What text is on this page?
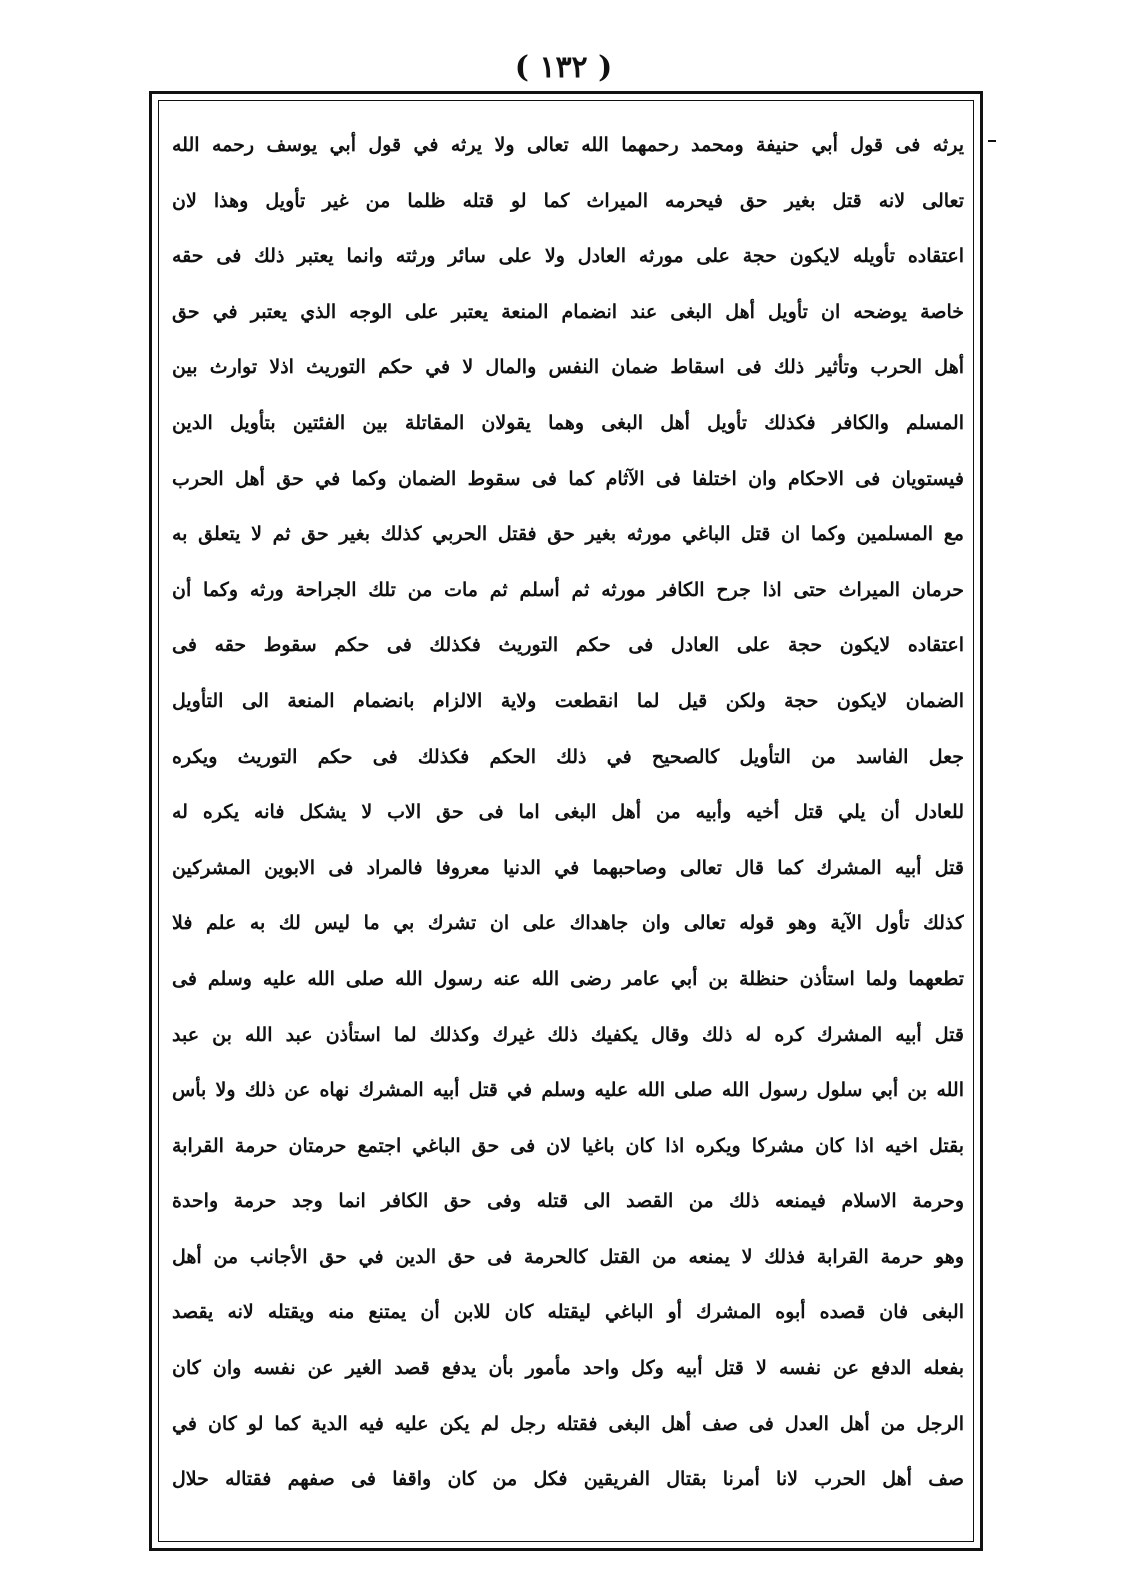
( ١٣٢ )
يرثه فى قول أبي حنيفة ومحمد رحمهما الله تعالى ولا يرثه في قول أبي يوسف رحمه الله
تعالى لانه قتل بغير حق فيحرمه الميراث كما لو قتله ظلما من غير تأويل وهذا لان
اعتقاده تأويله لايكون حجة على مورثه العادل ولا على سائر ورثته وانما يعتبر ذلك فى حقه
خاصة يوضحه ان تأويل أهل البغى عند انضمام المنعة يعتبر على الوجه الذي يعتبر في حق
أهل الحرب وتأثير ذلك فى اسقاط ضمان النفس والمال لا في حكم التوريث اذلا توارث بين
المسلم والكافر فكذلك تأويل أهل البغى وهما يقولان المقاتلة بين الفئتين بتأويل الدين
فيستويان فى الاحكام وان اختلفا فى الآثام كما فى سقوط الضمان وكما في حق أهل الحرب
مع المسلمين وكما ان قتل الباغي مورثه بغير حق فقتل الحربي كذلك بغير حق ثم لا يتعلق به
حرمان الميراث حتى اذا جرح الكافر مورثه ثم أسلم ثم مات من تلك الجراحة ورثه وكما أن
اعتقاده لايكون حجة على العادل فى حكم التوريث فكذلك فى حكم سقوط حقه فى
الضمان لايكون حجة ولكن قيل لما انقطعت ولاية الالزام بانضمام المنعة الى التأويل
جعل الفاسد من التأويل كالصحيح في ذلك الحكم فكذلك فى حكم التوريث ويكره
للعادل أن يلي قتل أخيه وأبيه من أهل البغى اما فى حق الاب لا يشكل فانه يكره له
قتل أبيه المشرك كما قال تعالى وصاحبهما في الدنيا معروفا فالمراد فى الابوين المشركين
كذلك تأول الآية وهو قوله تعالى وان جاهداك على ان تشرك بي ما ليس لك به علم فلا
تطعهما ولما استأذن حنظلة بن أبي عامر رضى الله عنه رسول الله صلى الله عليه وسلم فى
قتل أبيه المشرك كره له ذلك وقال يكفيك ذلك غيرك وكذلك لما استأذن عبد الله بن عبد
الله بن أبي سلول رسول الله صلى الله عليه وسلم في قتل أبيه المشرك نهاه عن ذلك ولا بأس
بقتل اخيه اذا كان مشركا ويكره اذا كان باغيا لان فى حق الباغي اجتمع حرمتان حرمة القرابة
وحرمة الاسلام فيمنعه ذلك من القصد الى قتله وفى حق الكافر انما وجد حرمة واحدة
وهو حرمة القرابة فذلك لا يمنعه من القتل كالحرمة فى حق الدين في حق الأجانب من أهل
البغى فان قصده أبوه المشرك أو الباغي ليقتله كان للابن أن يمتنع منه ويقتله لانه يقصد
بفعله الدفع عن نفسه لا قتل أبيه وكل واحد مأمور بأن يدفع قصد الغير عن نفسه وان كان
الرجل من أهل العدل فى صف أهل البغى فقتله رجل لم يكن عليه فيه الدية كما لو كان في
صف أهل الحرب لانا أمرنا بقتال الفريقين فكل من كان واقفا فى صفهم فقتاله حلال
